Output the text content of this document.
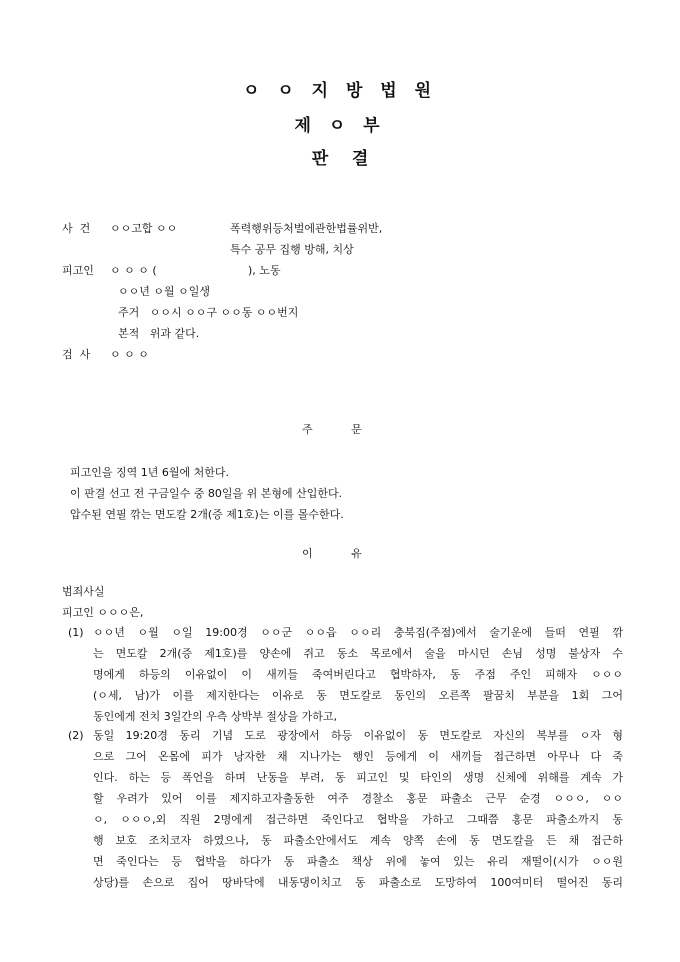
ㅇ ㅇ 지 방 법 원

제 ㅇ 부

판    결

사  건 ㅇㅇ고합 ㅇㅇ	폭력행위등처벌에관한법률위반,

특수 공무 집행 방해, 치상

피고인 ㅇ ㅇ ㅇ (	), 노동

ㅇㅇ년 ㅇ월 ㅇ일생

주거   ㅇㅇ시 ㅇㅇ구 ㅇㅇ동 ㅇㅇ번지

본적   위과 같다.

검  사 ㅇ ㅇ ㅇ

주           문

피고인을 징역 1년 6월에 처한다.

이 판결 선고 전 구금일수 중 80일을 위 본형에 산입한다.

압수된 연필 깎는 면도칼 2개(증 제1호)는 이를 몰수한다.

이           유

범죄사실

피고인 ㅇㅇㅇ은,

(1) ㅇㅇ년 ㅇ월 ㅇ일 19:00경 ㅇㅇ군 ㅇㅇ읍 ㅇㅇ리 충북집(주점)에서 술기운에 들떠 연필 깎

는 면도칼 2개(증 제1호)를 양손에 쥐고 동소 목로에서 술을 마시던 손님 성명 불상자 수

명에게 하등의 이유없이 이 새끼들 죽여버린다고 협박하자, 동 주점 주인 피해자 ㅇㅇㅇ

(ㅇ세, 남)가 이를 제지한다는 이유로 동 면도칼로 동인의 오른쪽 팔꿈치 부분을 1회 그어

동인에게 전치 3일간의 우측 상박부 절상을 가하고,

(2) 동일 19:20경 동리 기념 도로 광장에서 하등 이유없이 동 면도칼로 자신의 복부를 ㅇ자 형

으로 그어 온몸에 피가 낭자한 채 지나가는 행인 등에게 이 새끼들 접근하면 아무나 다 죽

인다. 하는 등 폭언을 하며 난동을 부려, 동 피고인 및 타인의 생명 신체에 위해를 계속 가

할 우려가 있어 이를 제지하고자출동한 여주 경찰소 홍문 파출소 근무 순경 ㅇㅇㅇ, ㅇㅇ

ㅇ, ㅇㅇㅇ,외 직원 2명에게 접근하면 죽인다고 협박을 가하고 그때쯤 홍문 파출소까지 동

행 보호 조치코자 하였으나, 동 파출소안에서도 계속 양쪽 손에 동 면도칼을 든 채 접근하

면 죽인다는 등 협박을 하다가 동 파출소 책상 위에 놓여 있는 유리 재떨이(시가 ㅇㅇ원

상당)를 손으로 집어 땅바닥에 내동댕이치고 동 파출소로 도망하여 100여미터 떨어진 동리
